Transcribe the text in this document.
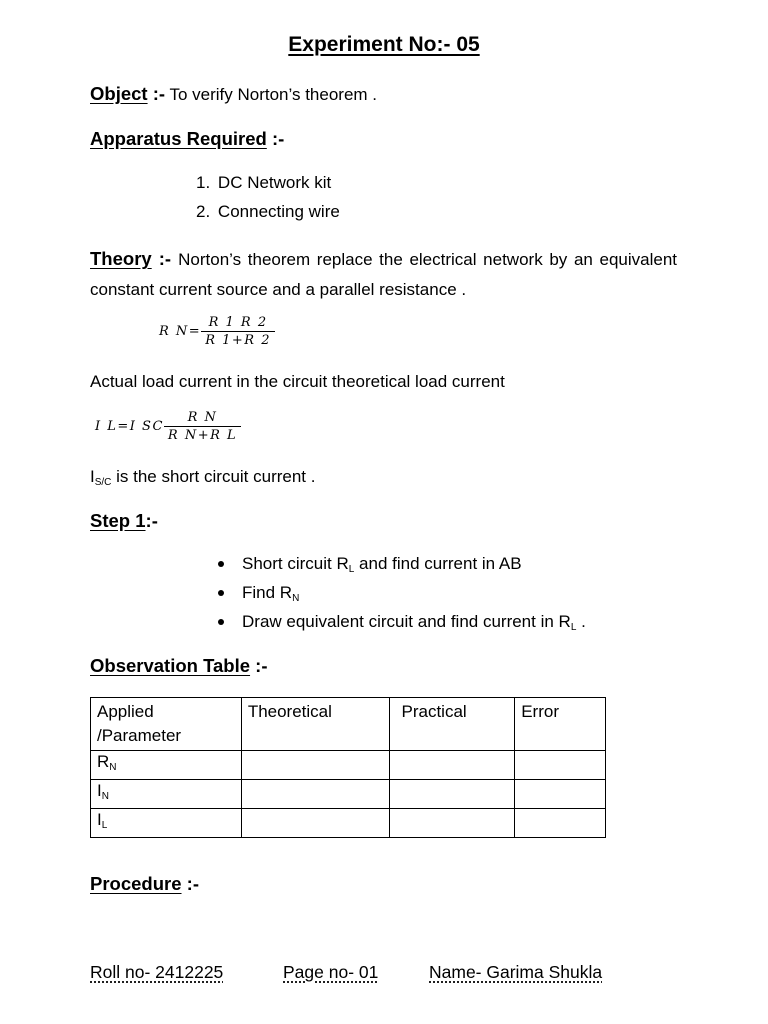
Experiment No:- 05
Object :- To verify Norton’s theorem .
Apparatus Required :-
1. DC Network kit
2. Connecting wire
Theory :- Norton’s theorem replace the electrical network by an equivalent constant current source and a parallel resistance .
R $N= \frac{R 1 R 2}{R 1+R 2}$
Actual load current in the circuit theoretical load current
I L=I SC $\frac{\text{R N}}{\text{R N+R L}}$
$I_{S/C}$ is the short circuit current .
Step 1:-
Short circuit $R_L$ and find current in AB
Find $R_N$
Draw equivalent circuit and find current in $R_L$ .
Observation Table :-
Applied /Parameter	Theoretical	Practical	Error
$R_N$			
$I_N$			
$I_L$			
Procedure :-
Roll no- 2412225	Page no- 01	Name- Garima Shukla
